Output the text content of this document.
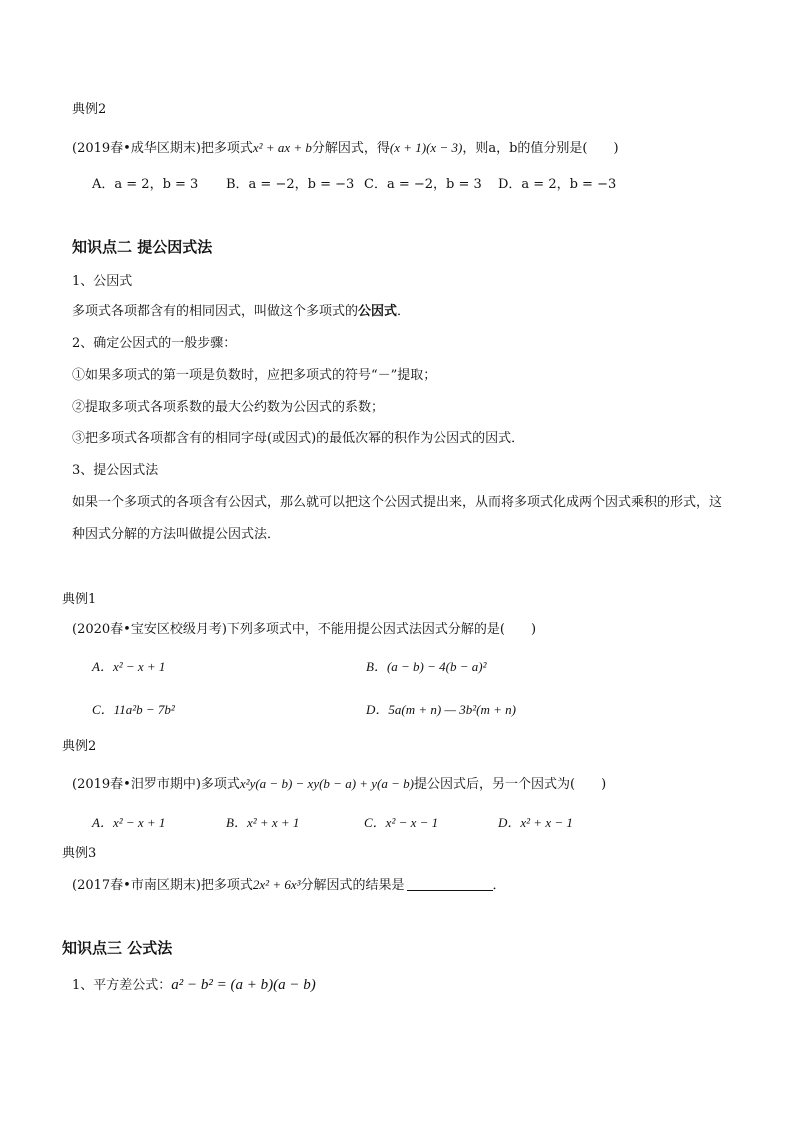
典例2
(2019春•成华区期末)把多项式x² + ax + b分解因式，得(x + 1)(x − 3)，则a，b的值分别是(　　)
A．a = 2，b = 3 B．a = −2，b = −3 C．a = −2，b = 3 D．a = 2，b = −3
知识点二 提公因式法
1、公因式
多项式各项都含有的相同因式，叫做这个多项式的公因式．
2、确定公因式的一般步骤：
①如果多项式的第一项是负数时，应把多项式的符号“－”提取；
②提取多项式各项系数的最大公约数为公因式的系数；
③把多项式各项都含有的相同字母(或因式)的最低次幂的积作为公因式的因式．
3、提公因式法
如果一个多项式的各项含有公因式，那么就可以把这个公因式提出来，从而将多项式化成两个因式乘积的形式，这种因式分解的方法叫做提公因式法．
典例1
(2020春•宝安区校级月考)下列多项式中，不能用提公因式法因式分解的是(　　)
A．x² − x + 1	B．(a − b) − 4(b − a)²
C．11a²b − 7b²	D．5a(m + n) — 3b²(m + n)
典例2
(2019春•汨罗市期中)多项式x²y(a − b) − xy(b − a) + y(a − b)提公因式后，另一个因式为(　　)
A．x² − x + 1	B．x² + x + 1	C．x² − x − 1	D．x² + x − 1
典例3
(2017春•市南区期末)把多项式2x² + 6x³分解因式的结果是	．
知识点三 公式法
1、平方差公式：a² − b² = (a + b)(a − b)
